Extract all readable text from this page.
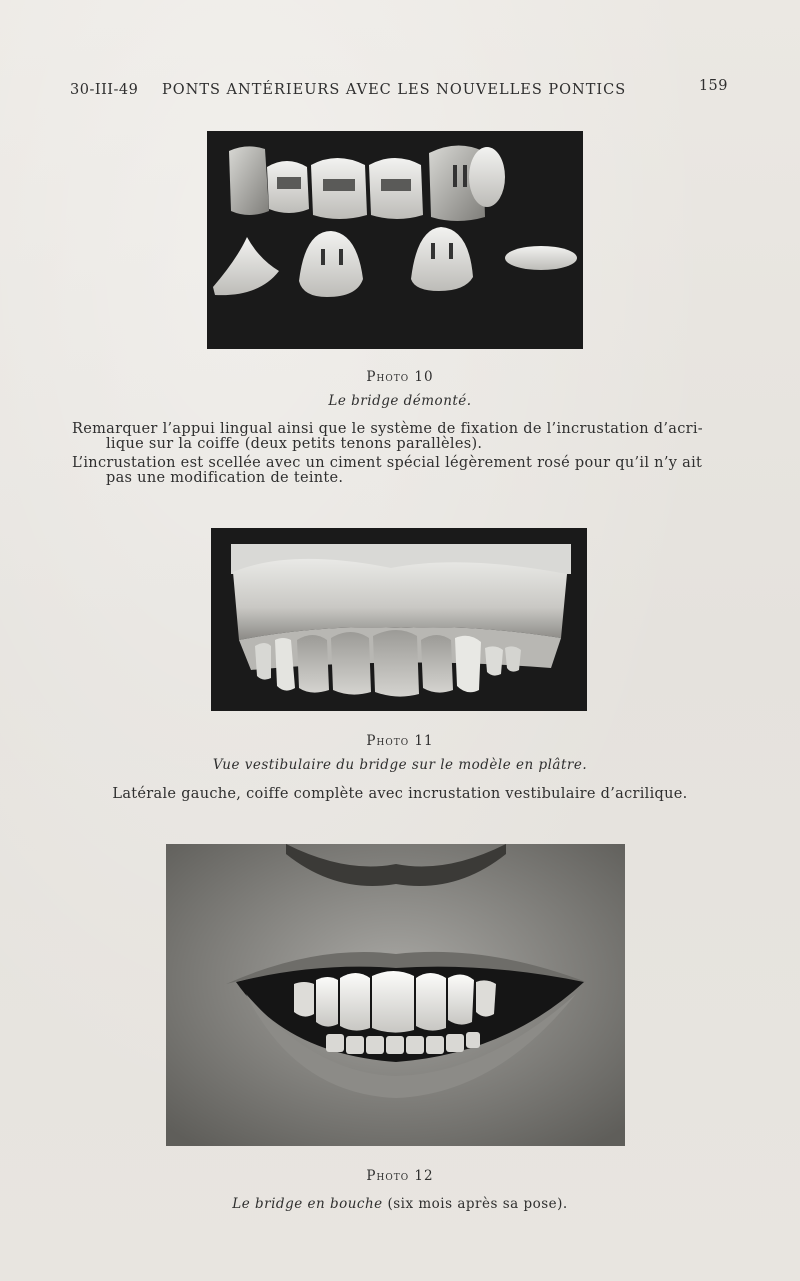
30-III-49 PONTS ANTÉRIEURS AVEC LES NOUVELLES PONTICS	159
Photo 10
Le bridge démonté.
Remarquer l’appui lingual ainsi que le système de fixation de l’incrustation d’acri-
lique sur la coiffe (deux petits tenons parallèles).
L’incrustation est scellée avec un ciment spécial légèrement rosé pour qu’il n’y ait
pas une modification de teinte.
Photo 11
Vue vestibulaire du bridge sur le modèle en plâtre.
Latérale gauche, coiffe complète avec incrustation vestibulaire d’acrilique.
Photo 12
Le bridge en bouche (six mois après sa pose).
